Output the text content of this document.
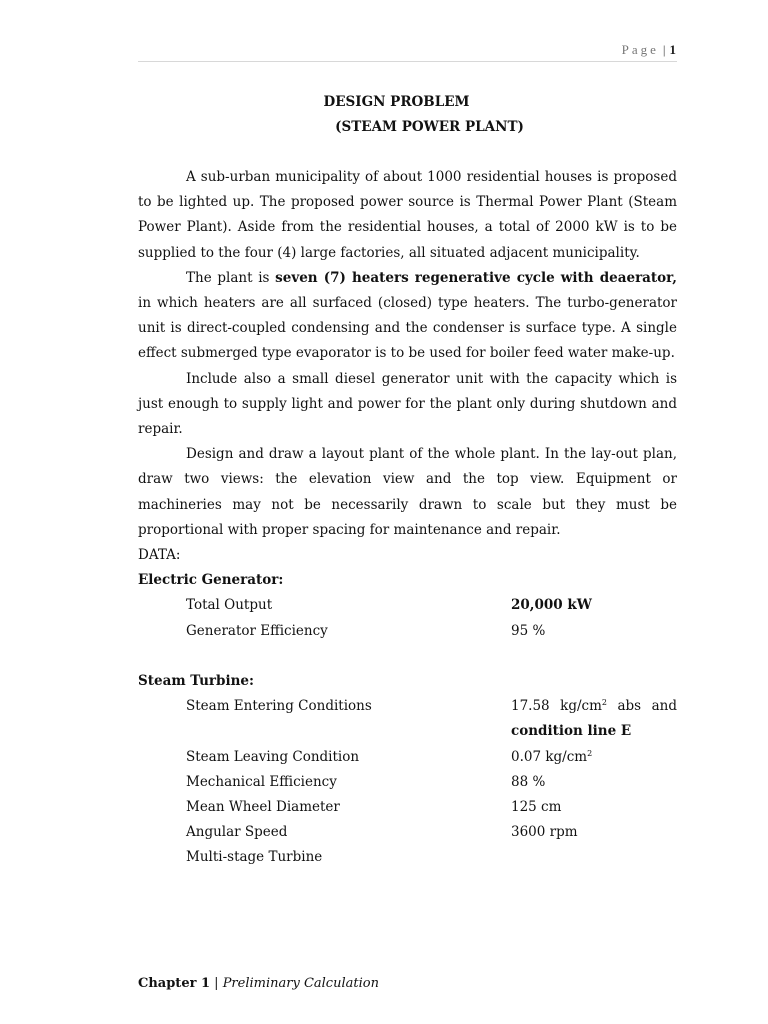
Page | 1
DESIGN PROBLEM
(STEAM POWER PLANT)

A sub-urban municipality of about 1000 residential houses is proposed to be lighted up. The proposed power source is Thermal Power Plant (Steam Power Plant). Aside from the residential houses, a total of 2000 kW is to be supplied to the four (4) large factories, all situated adjacent municipality.

The plant is seven (7) heaters regenerative cycle with deaerator, in which heaters are all surfaced (closed) type heaters. The turbo-generator unit is direct-coupled condensing and the condenser is surface type. A single effect submerged type evaporator is to be used for boiler feed water make-up.

Include also a small diesel generator unit with the capacity which is just enough to supply light and power for the plant only during shutdown and repair.

Design and draw a layout plant of the whole plant. In the lay-out plan, draw two views: the elevation view and the top view. Equipment or machineries may not be necessarily drawn to scale but they must be proportional with proper spacing for maintenance and repair.

DATA:
Electric Generator:
Total Output	20,000 kW
Generator Efficiency	95 %
Steam Turbine:
Steam Entering Conditions	17.58 $kg/cm^2$ abs and
condition line E
Steam Leaving Condition	0.07 $kg/cm^2$
Mechanical Efficiency	88 %
Mean Wheel Diameter	125 cm
Angular Speed	3600 rpm
Multi-stage Turbine
Chapter 1 | Preliminary Calculation
